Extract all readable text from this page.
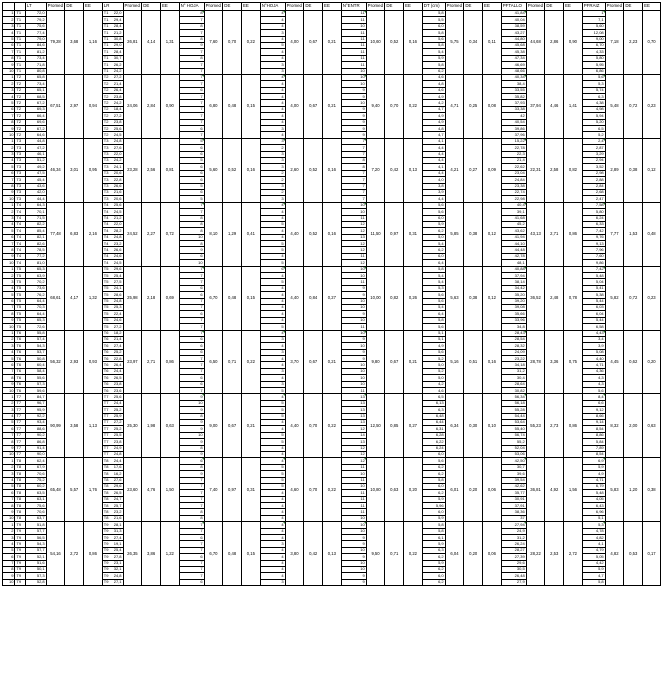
		LT	Promed	DE	EE	LR	Promed	DE	EE	N° HOJA	Promed	DE	EE	N°HOJA	Promed	DE	EE	N°ENTR	Promed	DE	EE	DT (cm)	Promed	DE	EE	PFTALLO	Promed	DE	EE	PFRAIZ	Promed	DE	EE
1	T1	72,0	79,28	3,68	1,16	T1 22,0	26,81	4,14	1,31	8	7,60	0,70	0,22	4	4,00	0,67	0,21	11	10,60	0,52	0,16	5,8	5,75	0,34	0,11	41,84	44,68	2,86	0,90	1	7,18	2,23	0,70
2	T1	79,2				T1 29,4				7				4				11				5,5				40,04				7,1			
3	T1	75,6				T1 28,4				8				4				10				6,0				38,59				5,60			
4	T1	77,4				T1 21,2				7				3				11				5,8				43,27				12,08			
5	T1	79,0				T1 30,8				8				4				11				5,6				44,80				9,00			
6	T1	84,6				T1 29,0				9				5				11				5,8				45,68				6,70			
7	T1	81,2				T1 28,4				7				4				11				5,4				45,38				4,33			
8	T1	73,4				T1 30,7				8				4				11				5,9				47,34				5,80			
9	T1	71,8				T1 26,2				7				3				11				5,8				46,69				5,95			
10	T1	80,8				T1 24,2				7				3				10				6,2				48,66				6,86			
1	T2	65,8	67,51	2,97	0,94	T2 27,2	24,06	2,84	0,90	7	6,80	0,48	0,15	4	4,00	0,67	0,21	10	9,40	0,70	0,22	4,6	4,71	0,25	0,08	40,34	37,94	4,46	1,41	5,6	5,48	0,72	0,23
2	T2	73,4				T2 21,4				7				4				10				4,8				38,4				5,3			
3	T2	65,1				T2 26,4				6				4				9				4,6				33,55				5,74			
4	T2	68,5				T2 23,8				7				4				9				4,9				35,82				6,3			
5	T2	67,2				T2 24,2				7				4				10				4,2				37,93				4,38			
6	T2	69,3				T2 18,4				7				4				9				4,7				33,38				4,98			
7	T2	66,4				T2 27,2				7				4				9				4,9				42				5,94			
8	T2	69,6				T2 23,8				7				4				9				4,9				40,54				5,20			
9	T2	67,2				T2 25,6				6				3				9				4,8				39,86				6,5			
10	T2	64,6				T2 24,5				7				4				9				4,7				37,96				5,2			
1	T3	44,8	46,34	3,01	0,95	T3 24,8	23,28	2,56	0,81	5	5,60	0,52	0,16	3	2,60	0,52	0,16	7	7,20	0,42	0,13	4,1	4,21	0,27	0,09	15,22	22,31	2,58	0,82	2,4	2,89	0,38	0,12
2	T3	47,2				T3 27,6				6				2				7				4,4				22,78				2,87			
3	T3	46,1				T3 22,0				6				3				7				4,4				22,3				3,29			
4	T3	51,2				T3 24,2				5				3				8				4,4				21,4				2,94			
5	T3	49,2				T3 24,1				6				3				8				4,1				22,62				3,52			
6	T3	47,5				T3 20,6				6				2				7				4,4				23,04				2,98			
7	T3	45,4				T3 22,8				6				2				7				4,0				24,84				2,88			
8	T3	43,6				T3 26,6				5				3				7				3,8				23,38				2,84			
9	T3	42,0				T3 21,6				6				2				7				3,9				22,74				2,68			
10	T3	44,4				T3 20,6				5				3				7				4,4				22,98				2,47			
1	T4	64,3	77,48	6,83	2,16	T4 25,6	24,52	2,27	0,72	7	8,10	1,29	0,41	4	4,40	0,52	0,16	10	11,50	0,97	0,31	5,6	5,85	0,38	0,12	40,4	43,13	2,71	0,86	7,58	7,77	1,53	0,48
2	T4	70,1				T4 24,5				7				4				10				5,6				39,1				5,80			
3	T4	71,5				T4 21,2				8				4				11				6,0				41,68				6,24			
4	T4	82,2				T4 22,0				8				5				12				5,9				45,2				6,33			
5	T4	85,4				T4 28,2				8				4				12				6,2				43,62				7,42			
6	T4	82,1				T4 24,8				10				4				13				5,0				41,94				9,76			
7	T4	82,6				T4 23,2				8				5				12				5,4				44,10				9,13			
8	T4	78,5				T4 26,6				9				5				12				6,2				44,48				7,96			
9	T4	77,2				T4 24,6				6				4				11				6,0				42,78				7,60			
10	T4	81,0				T4 24,5				10				5				12				6,4				48,1				9,86			
1	T5	65,3	68,61	4,17	1,32	T5 29,6	25,98	2,18	0,69	7	6,70	0,48	0,15	6	4,40	0,84	0,27	10	10,00	0,82	0,26	5,8	5,63	0,38	0,12	40,88	36,52	2,48	0,78	7,42	5,82	0,72	0,23
2	T5	63,9				T5 25,4				7				4				10				5,4				37,94				5,48			
3	T5	70,2				T5 27,5				7				5				11				5,4				38,14				5,04			
4	T5	73,6				T5 24,1				6				4				9				5,3				34,42				5,41			
5	T5	76,2				T5 28,6				6				4				9				5,6				35,20				5,38			
6	T5	64,4				T5 24,8				7				4				10				5,6				39,20				5,44			
7	T5	70,3				T5 25,3				7				4				10				5,4				39,08				6,03			
8	T5	64,4				T5 22,4				6				4				9				6,4				35,66				6,04			
9	T5	65,3				T5 24,6				7				4				10				5,8				33,96				5,44			
10	T5	72,6				T5 27,2				7				5				11				5,6				34,8				6,58			
1	T6	55,8	56,32	2,93	0,93	T6 18,2	23,97	2,71	0,86	7	6,50	0,71	0,22	4	3,70	0,67	0,21	10	9,80	0,67	0,21	5,1	5,16	0,51	0,16	28,43	28,78	3,36	0,75	4,43	4,45	0,62	0,20
2	T6	57,4				T6 21,4				6				3				9				5,1				28,54				3,4			
3	T6	54,3				T6 27,4				6				4				10				4,9				28,32				3,9			
4	T6	53,7				T6 25,2				6				3				9				5,6				24,09				5,08			
5	T6	50,8				T6 22,8				7				4				9				5,2				23,22				4,40			
6	T6	60,4				T6 26,4				7				4				10				5,0				34,18				4,71			
7	T6	58,4				T6 24,4				7				3				10				5,2				31,2				4,36			
8	T6	55,6				T6 26,5				6				4				10				5,0				30,4				4,3			
9	T6	57,3				T6 23,8				6				3				10				4,2				28,64				4,3			
10	T6	59,6				T6 23,6				7				5				11				4,6				30,82				5,6			
1	T7	84,7	90,99	3,58	1,13	T7 25,6	25,30	1,98	0,63	9	9,00	0,67	0,21	4	4,40	0,70	0,22	13	12,50	0,85	0,27	6,5	6,34	0,30	0,10	56,34	55,23	2,73	0,86	8,4	8,32	2,00	0,63
2	T7	96,7				T7 24,4				10				5				13				6,13				56,18				6,6			
3	T7	95,9				T7 25,2				9				5				13				6,3				55,28				9,12			
4	T7	92,2				T7 25,9				8				5				13				6,48				54,44				8,66			
5	T7	93,4				T7 27,2				9				4				13				6,44				53,64				9,14			
6	T7	88,6				T7 25,2				9				4				12				6,31				55,40				8,54			
7	T7	90,2				T7 25,5				10				5				14				6,28				56,74				8,86			
8	T7	86,8				T7 23,8				9				5				13				6,22				55,2				5,84			
9	T7	91,4				T7 24,9				8				4				12				6,24				52,04				7,89			
10	T7	90,0				T7 24,8				9				4				12				6,0				53,06				8,54			
1	T8	62,4	65,48	5,57	1,76	T8 24,4	23,60	4,76	1,50	6	7,40	0,97	0,31	4	4,60	0,70	0,22	12	10,80	0,63	0,20	5,6	6,01	0,20	0,06	42,50	36,81	4,92	1,56	6,9	5,83	1,20	0,38
2	T8	67,9				T8 17,6				8				5				11				6,2				30,7				5,9			
3	T8	70,6				T8 16,2				9				5				10				6,2				39,6				4,9			
4	T8	75,2				T8 27,6				7				5				11				5,8				39,54				4,71			
5	T8	60,2				T8 29,6				7				5				10				6,0				42,62				6,79			
6	T8	63,5				T8 26,5				7				4				11				6,2				35,77				5,48			
7	T8	63,1				T8 24,7				7				4				11				5,9				30,91				4,05			
8	T8	75,6				T8 25,7				7				4				11				5,96				37,91				6,43			
9	T8	70,6				T8 23,2				8				4				11				6,0				38,36				6,96			
10	T8	63,7				T8 21,6				8				4				10				5,9				37				5,1			
1	T9	51,8	54,16	2,72	0,86	T9 28,1	26,35	3,86	1,22	7	6,70	0,48	0,15	4	3,80	0,42	0,13	10	9,50	0,71	0,22	5,8	6,04	0,20	0,06	27,94	28,22	2,53	2,72	5,3	4,82	0,53	0,17
2	T9	57,7				T9 31,3				7				4				10				5,8				24,9				4,78			
3	T9	56,5				T9 27,4				6				4				9				6,1				31,2				4,82			
4	T9	54,3				T9 19,1				7				3				9				5,9				26,24				4,1			
5	T9	57,7				T9 25,4				7				4				10				6,3				28,27				4,79			
6	T9	52,1				T9 27,8				6				4				9				6,2				27,39				5,05			
7	T9	51,6				T9 23,1				7				4				10				5,9				29,6				4,42			
8	T9	50,1				T9 32,1				7				4				10				6,2				30,5				5,9			
9	T9	57,3				T9 24,8				7				4				9				6,0				26,48				4,7			
10	T9	52,8				T9 27,1				6				3				9				6,2				27,9				5,8			
